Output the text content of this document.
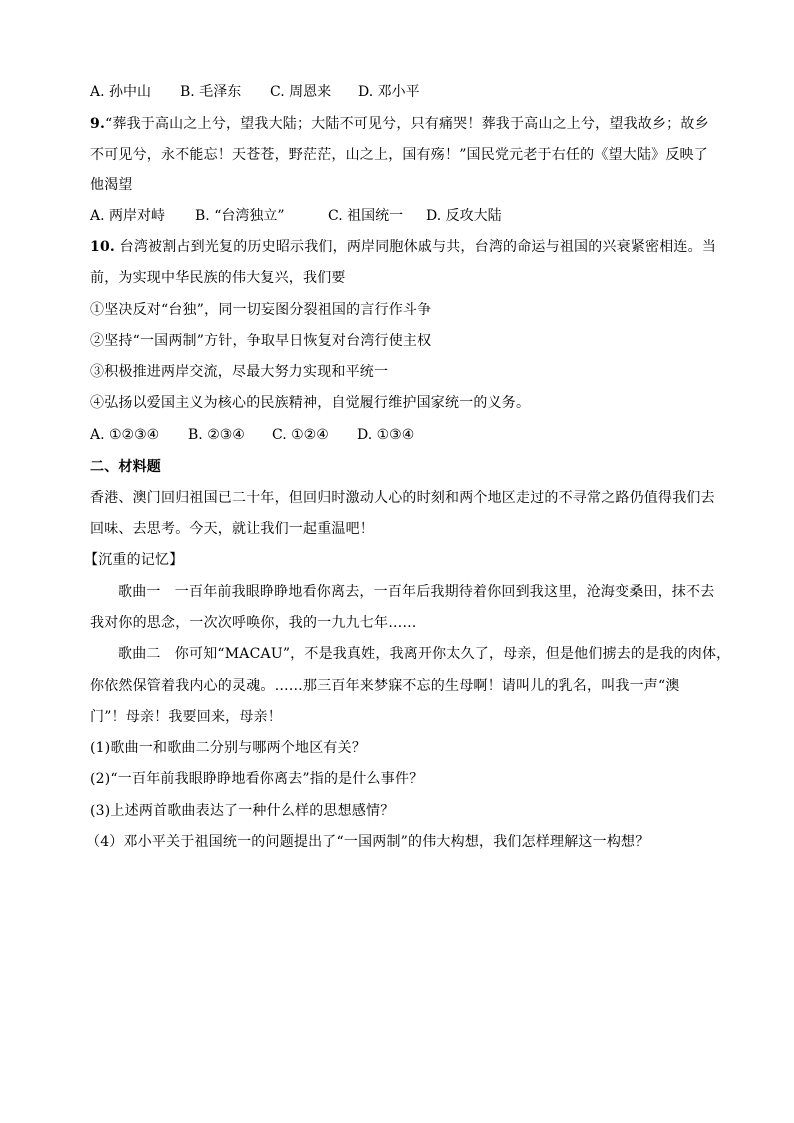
A. 孙中山 B. 毛泽东 C. 周恩来 D. 邓小平
9.“葬我于高山之上兮，望我大陆；大陆不可见兮，只有痛哭！葬我于高山之上兮，望我故乡；故乡
不可见兮，永不能忘！天苍苍，野茫茫，山之上，国有殇！”国民党元老于右任的《望大陆》反映了
他渴望
A. 两岸对峙 B. “台湾独立”	C. 祖国统一 D. 反攻大陆
10. 台湾被割占到光复的历史昭示我们，两岸同胞休戚与共，台湾的命运与祖国的兴衰紧密相连。当
前，为实现中华民族的伟大复兴，我们要
①坚决反对“台独”，同一切妄图分裂祖国的言行作斗争
②坚持“一国两制”方针，争取早日恢复对台湾行使主权
③积极推进两岸交流，尽最大努力实现和平统一
④弘扬以爱国主义为核心的民族精神，自觉履行维护国家统一的义务。
A. ①②③④ B. ②③④ C. ①②④ D. ①③④
二、材料题
香港、澳门回归祖国已二十年，但回归时激动人心的时刻和两个地区走过的不寻常之路仍值得我们去
回味、去思考。今天，就让我们一起重温吧！
【沉重的记忆】
歌曲一　一百年前我眼睁睁地看你离去，一百年后我期待着你回到我这里，沧海变桑田，抹不去
我对你的思念，一次次呼唤你，我的一九九七年……
歌曲二　你可知“MACAU”，不是我真姓，我离开你太久了，母亲，但是他们掳去的是我的肉体，
你依然保管着我内心的灵魂。……那三百年来梦寐不忘的生母啊！请叫儿的乳名，叫我一声“澳
门”！母亲！我要回来，母亲！
(1)歌曲一和歌曲二分别与哪两个地区有关？
(2)“一百年前我眼睁睁地看你离去”指的是什么事件？
(3)上述两首歌曲表达了一种什么样的思想感情？
（4）邓小平关于祖国统一的问题提出了“一国两制”的伟大构想，我们怎样理解这一构想？
